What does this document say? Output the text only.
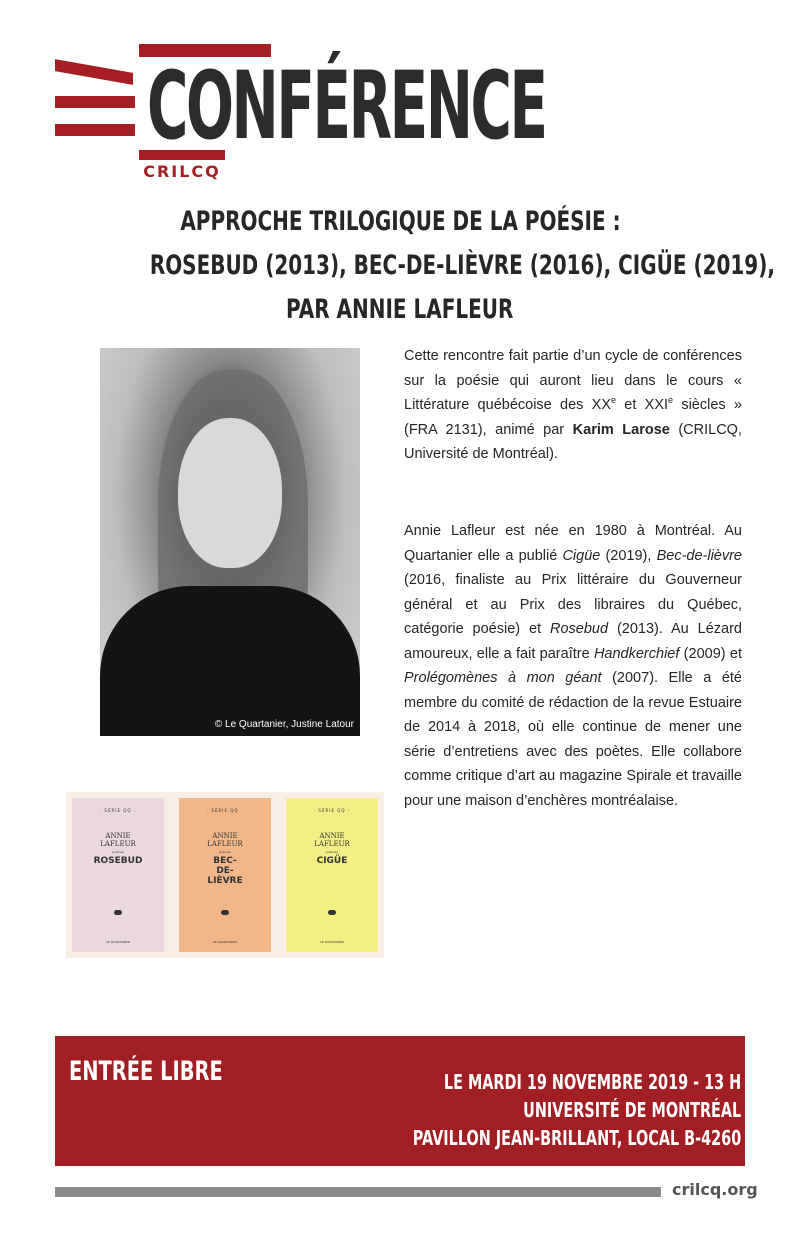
CONFÉRENCE
CRILCQ
APPROCHE TRILOGIQUE DE LA POÉSIE :
ROSEBUD (2013), BEC-DE-LIÈVRE (2016), CIGÜE (2019),
PAR ANNIE LAFLEUR
© Le Quartanier, Justine Latour
· SÉRIE QQ ·
ANNIE
LAFLEUR
poèmes
ROSEBUD
LE QUARTANIER
· SÉRIE QQ ·
ANNIE
LAFLEUR
poèmes
BEC-
DE-
LIÈVRE
LE QUARTANIER
· SÉRIE QQ ·
ANNIE
LAFLEUR
poèmes
CIGÜE
LE QUARTANIER

Cette rencontre fait partie d’un cycle de conférences sur la poésie qui auront lieu dans le cours « Littérature québécoise des XXe et XXIe siècles » (FRA 2131), animé par Karim Larose (CRILCQ, Université de Montréal).

Annie Lafleur est née en 1980 à Montréal. Au Quartanier elle a publié Cigüe (2019), Bec-de-lièvre (2016, finaliste au Prix littéraire du Gouverneur général et au Prix des libraires du Québec, catégorie poésie) et Rosebud (2013). Au Lézard amoureux, elle a fait paraître Handkerchief (2009) et Prolégomènes à mon géant (2007). Elle a été membre du comité de rédaction de la revue Estuaire de 2014 à 2018, où elle continue de mener une série d’entretiens avec des poètes. Elle collabore comme critique d’art au magazine Spirale et travaille pour une maison d’enchères montréalaise.

ENTRÉE LIBRE	LE MARDI 19 NOVEMBRE 2019 - 13 H
UNIVERSITÉ DE MONTRÉAL
PAVILLON JEAN-BRILLANT, LOCAL B-4260
crilcq.org
